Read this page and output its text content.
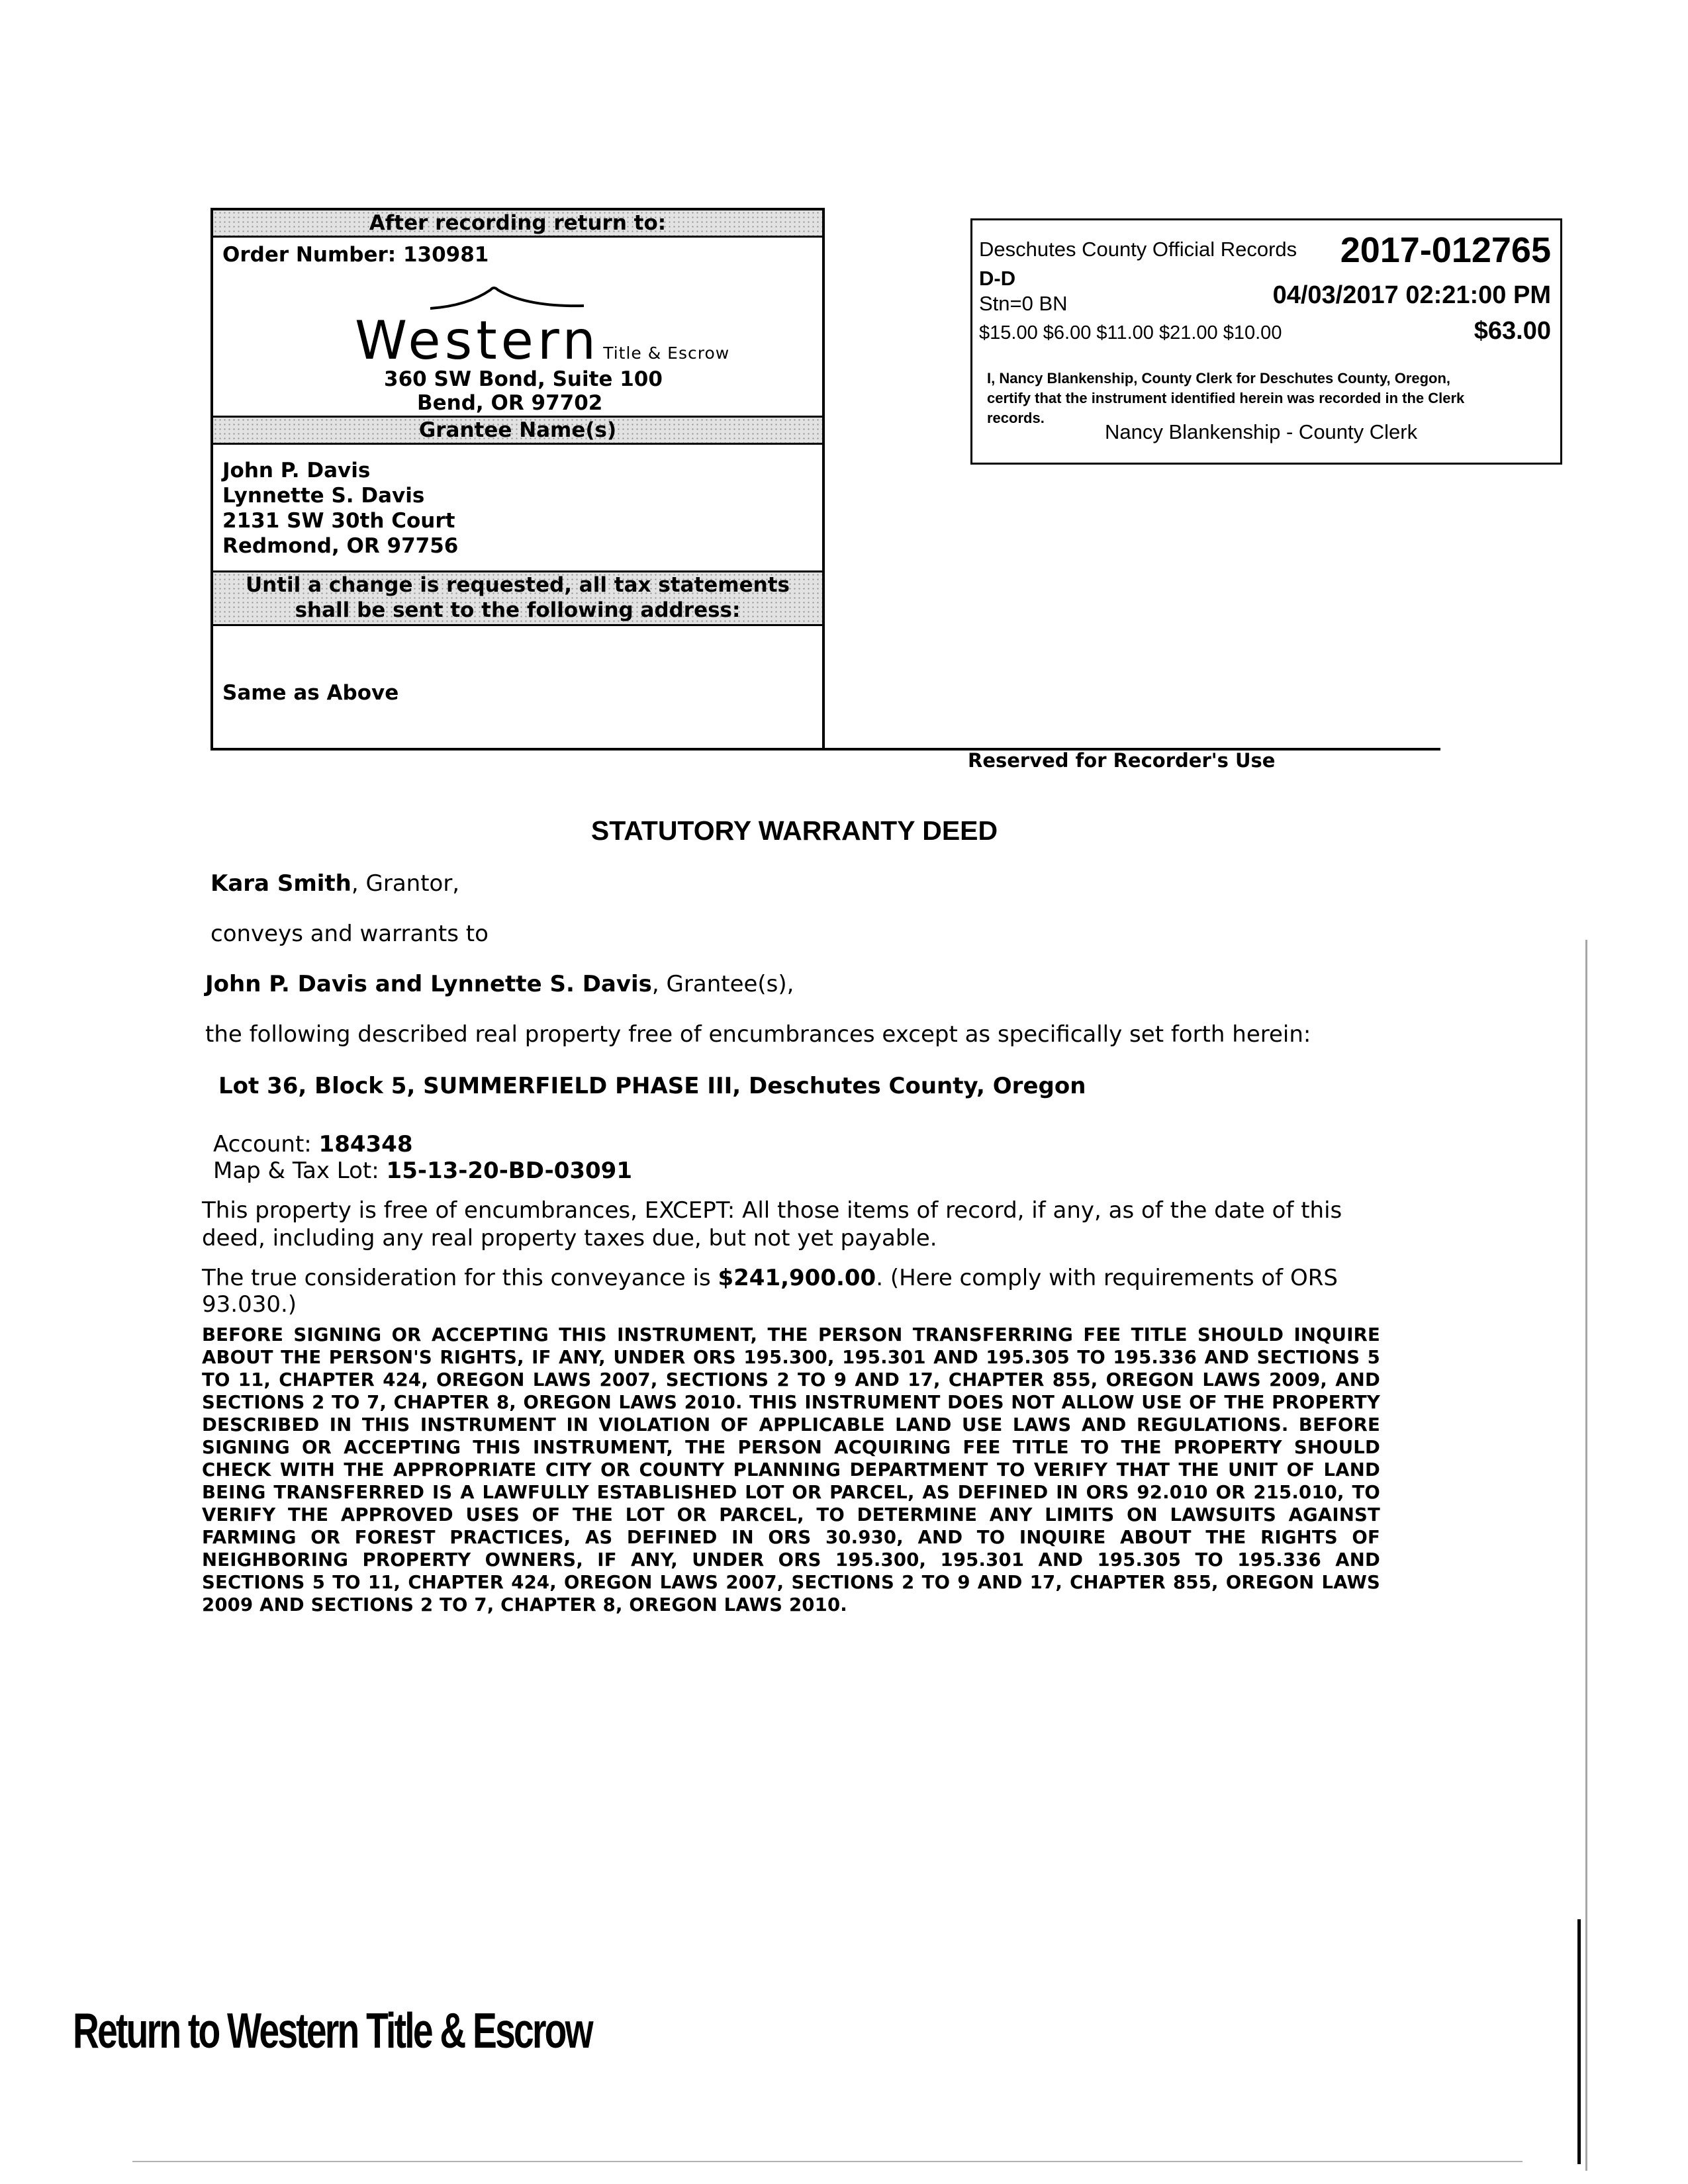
After recording return to:
Order Number: 130981
Western Title & Escrow
360 SW Bond, Suite 100
Bend, OR 97702
Grantee Name(s)
John P. Davis
Lynnette S. Davis
2131 SW 30th Court
Redmond, OR 97756
Until a change is requested, all tax statements
shall be sent to the following address:
Same as Above
Deschutes County Official Records 2017-012765
D-D
Stn=0 BN	04/03/2017 02:21:00 PM
$15.00 $6.00 $11.00 $21.00 $10.00	$63.00
I, Nancy Blankenship, County Clerk for Deschutes County, Oregon,
certify that the instrument identified herein was recorded in the Clerk
records.
Nancy Blankenship - County Clerk
Reserved for Recorder's Use
STATUTORY WARRANTY DEED
Kara Smith, Grantor,
conveys and warrants to
John P. Davis and Lynnette S. Davis, Grantee(s),
the following described real property free of encumbrances except as specifically set forth herein:
Lot 36, Block 5, SUMMERFIELD PHASE III, Deschutes County, Oregon
Account: 184348
Map & Tax Lot: 15-13-20-BD-03091
This property is free of encumbrances, EXCEPT: All those items of record, if any, as of the date of this
deed, including any real property taxes due, but not yet payable.
The true consideration for this conveyance is $241,900.00. (Here comply with requirements of ORS
93.030.)
BEFORE SIGNING OR ACCEPTING THIS INSTRUMENT, THE PERSON TRANSFERRING FEE TITLE SHOULD INQUIRE ABOUT THE PERSON'S RIGHTS, IF ANY, UNDER ORS 195.300, 195.301 AND 195.305 TO 195.336 AND SECTIONS 5 TO 11, CHAPTER 424, OREGON LAWS 2007, SECTIONS 2 TO 9 AND 17, CHAPTER 855, OREGON LAWS 2009, AND SECTIONS 2 TO 7, CHAPTER 8, OREGON LAWS 2010. THIS INSTRUMENT DOES NOT ALLOW USE OF THE PROPERTY DESCRIBED IN THIS INSTRUMENT IN VIOLATION OF APPLICABLE LAND USE LAWS AND REGULATIONS. BEFORE SIGNING OR ACCEPTING THIS INSTRUMENT, THE PERSON ACQUIRING FEE TITLE TO THE PROPERTY SHOULD CHECK WITH THE APPROPRIATE CITY OR COUNTY PLANNING DEPARTMENT TO VERIFY THAT THE UNIT OF LAND BEING TRANSFERRED IS A LAWFULLY ESTABLISHED LOT OR PARCEL, AS DEFINED IN ORS 92.010 OR 215.010, TO VERIFY THE APPROVED USES OF THE LOT OR PARCEL, TO DETERMINE ANY LIMITS ON LAWSUITS AGAINST FARMING OR FOREST PRACTICES, AS DEFINED IN ORS 30.930, AND TO INQUIRE ABOUT THE RIGHTS OF NEIGHBORING PROPERTY OWNERS, IF ANY, UNDER ORS 195.300, 195.301 AND 195.305 TO 195.336 AND SECTIONS 5 TO 11, CHAPTER 424, OREGON LAWS 2007, SECTIONS 2 TO 9 AND 17, CHAPTER 855, OREGON LAWS 2009 AND SECTIONS 2 TO 7, CHAPTER 8, OREGON LAWS 2010.
Return to Western Title & Escrow
